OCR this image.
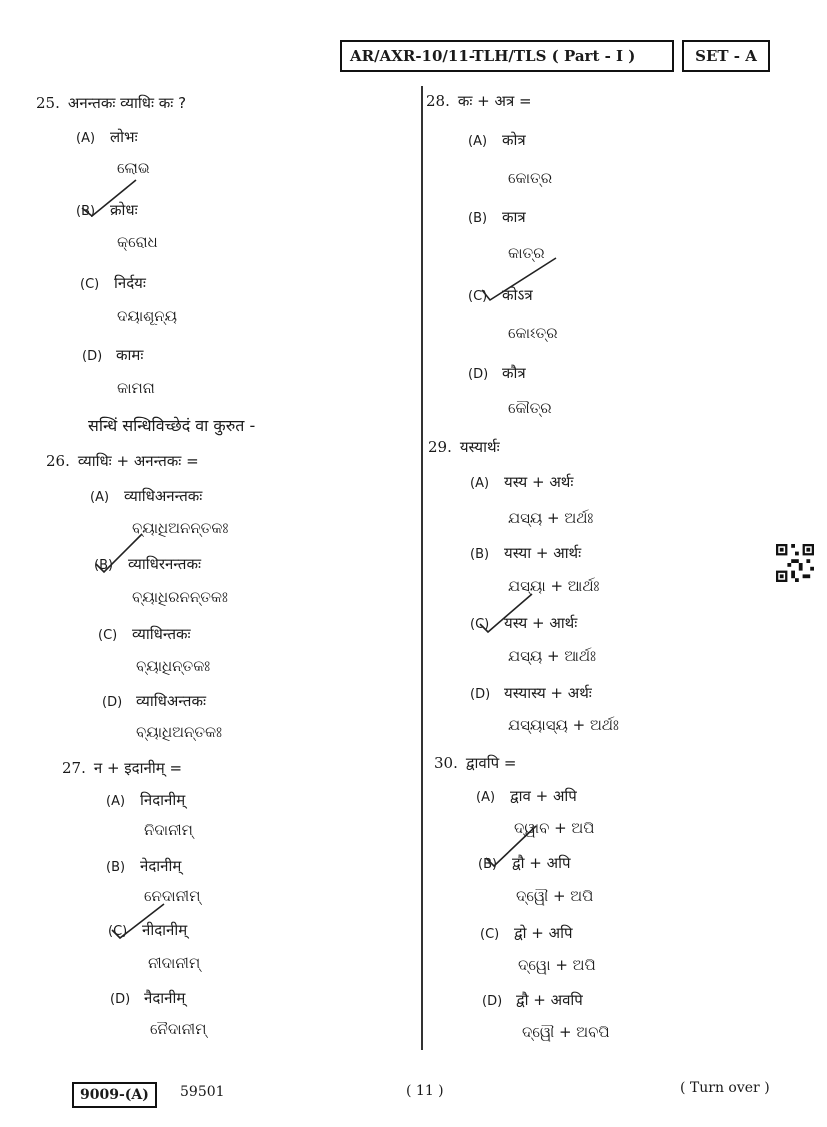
AR/AXR-10/11-TLH/TLS ( Part - I )	SET - A
25. अनन्तकः व्याधिः कः ?
(A) लोभः
ଲୋଭ
(B) क्रोधः
କ୍ରୋଧ
(C) निर्दयः
ଦୟାଶୂନ୍ୟ
(D) कामः
କାମନା
सन्धिं सन्धिविच्छेदं वा कुरुत -
26. व्याधिः + अनन्तकः =
(A) व्याधिअनन्तकः
ବ୍ୟାଧିଅନନ୍ତକଃ
(B) व्याधिरनन्तकः
ବ୍ୟାଧିରନନ୍ତକଃ
(C) व्याधिन्तकः
ବ୍ୟାଧିନ୍ତକଃ
(D) व्याधिअन्तकः
ବ୍ୟାଧିଅନ୍ତକଃ
27. न + इदानीम् =
(A) निदानीम्
ନିଦାନୀମ୍
(B) नेदानीम्
ନେଦାନୀମ୍
(C) नीदानीम्
ନୀଦାନୀମ୍
(D) नैदानीम्
ନୈଦାନୀମ୍
28. कः + अत्र =
(A) कोत्र
କୋତ୍ର
(B) कात्र
କାତ୍ର
(C) कोऽत्र
କୋଽତ୍ର
(D) कौत्र
କୌତ୍ର
29. यस्यार्थः
(A) यस्य + अर्थः
ଯସ୍ୟ + ଅର୍ଥଃ
(B) यस्या + आर्थः
ଯସ୍ୟା + ଆର୍ଥଃ
(C) यस्य + आर्थः
ଯସ୍ୟ + ଆର୍ଥଃ
(D) यस्यास्य + अर्थः
ଯସ୍ୟାସ୍ୟ + ଅର୍ଥଃ
30. द्वावपि =
(A) द्वाव + अपि
ଦ୍ୱାବ + ଅପି
(B) द्वौ + अपि
ଦ୍ୱୌ + ଅପି
(C) द्वो + अपि
ଦ୍ୱୋ + ଅପି
(D) द्वौ + अवपि
ଦ୍ୱୌ + ଅବପି
9009-(A)	59501	( 11 )	( Turn over )
